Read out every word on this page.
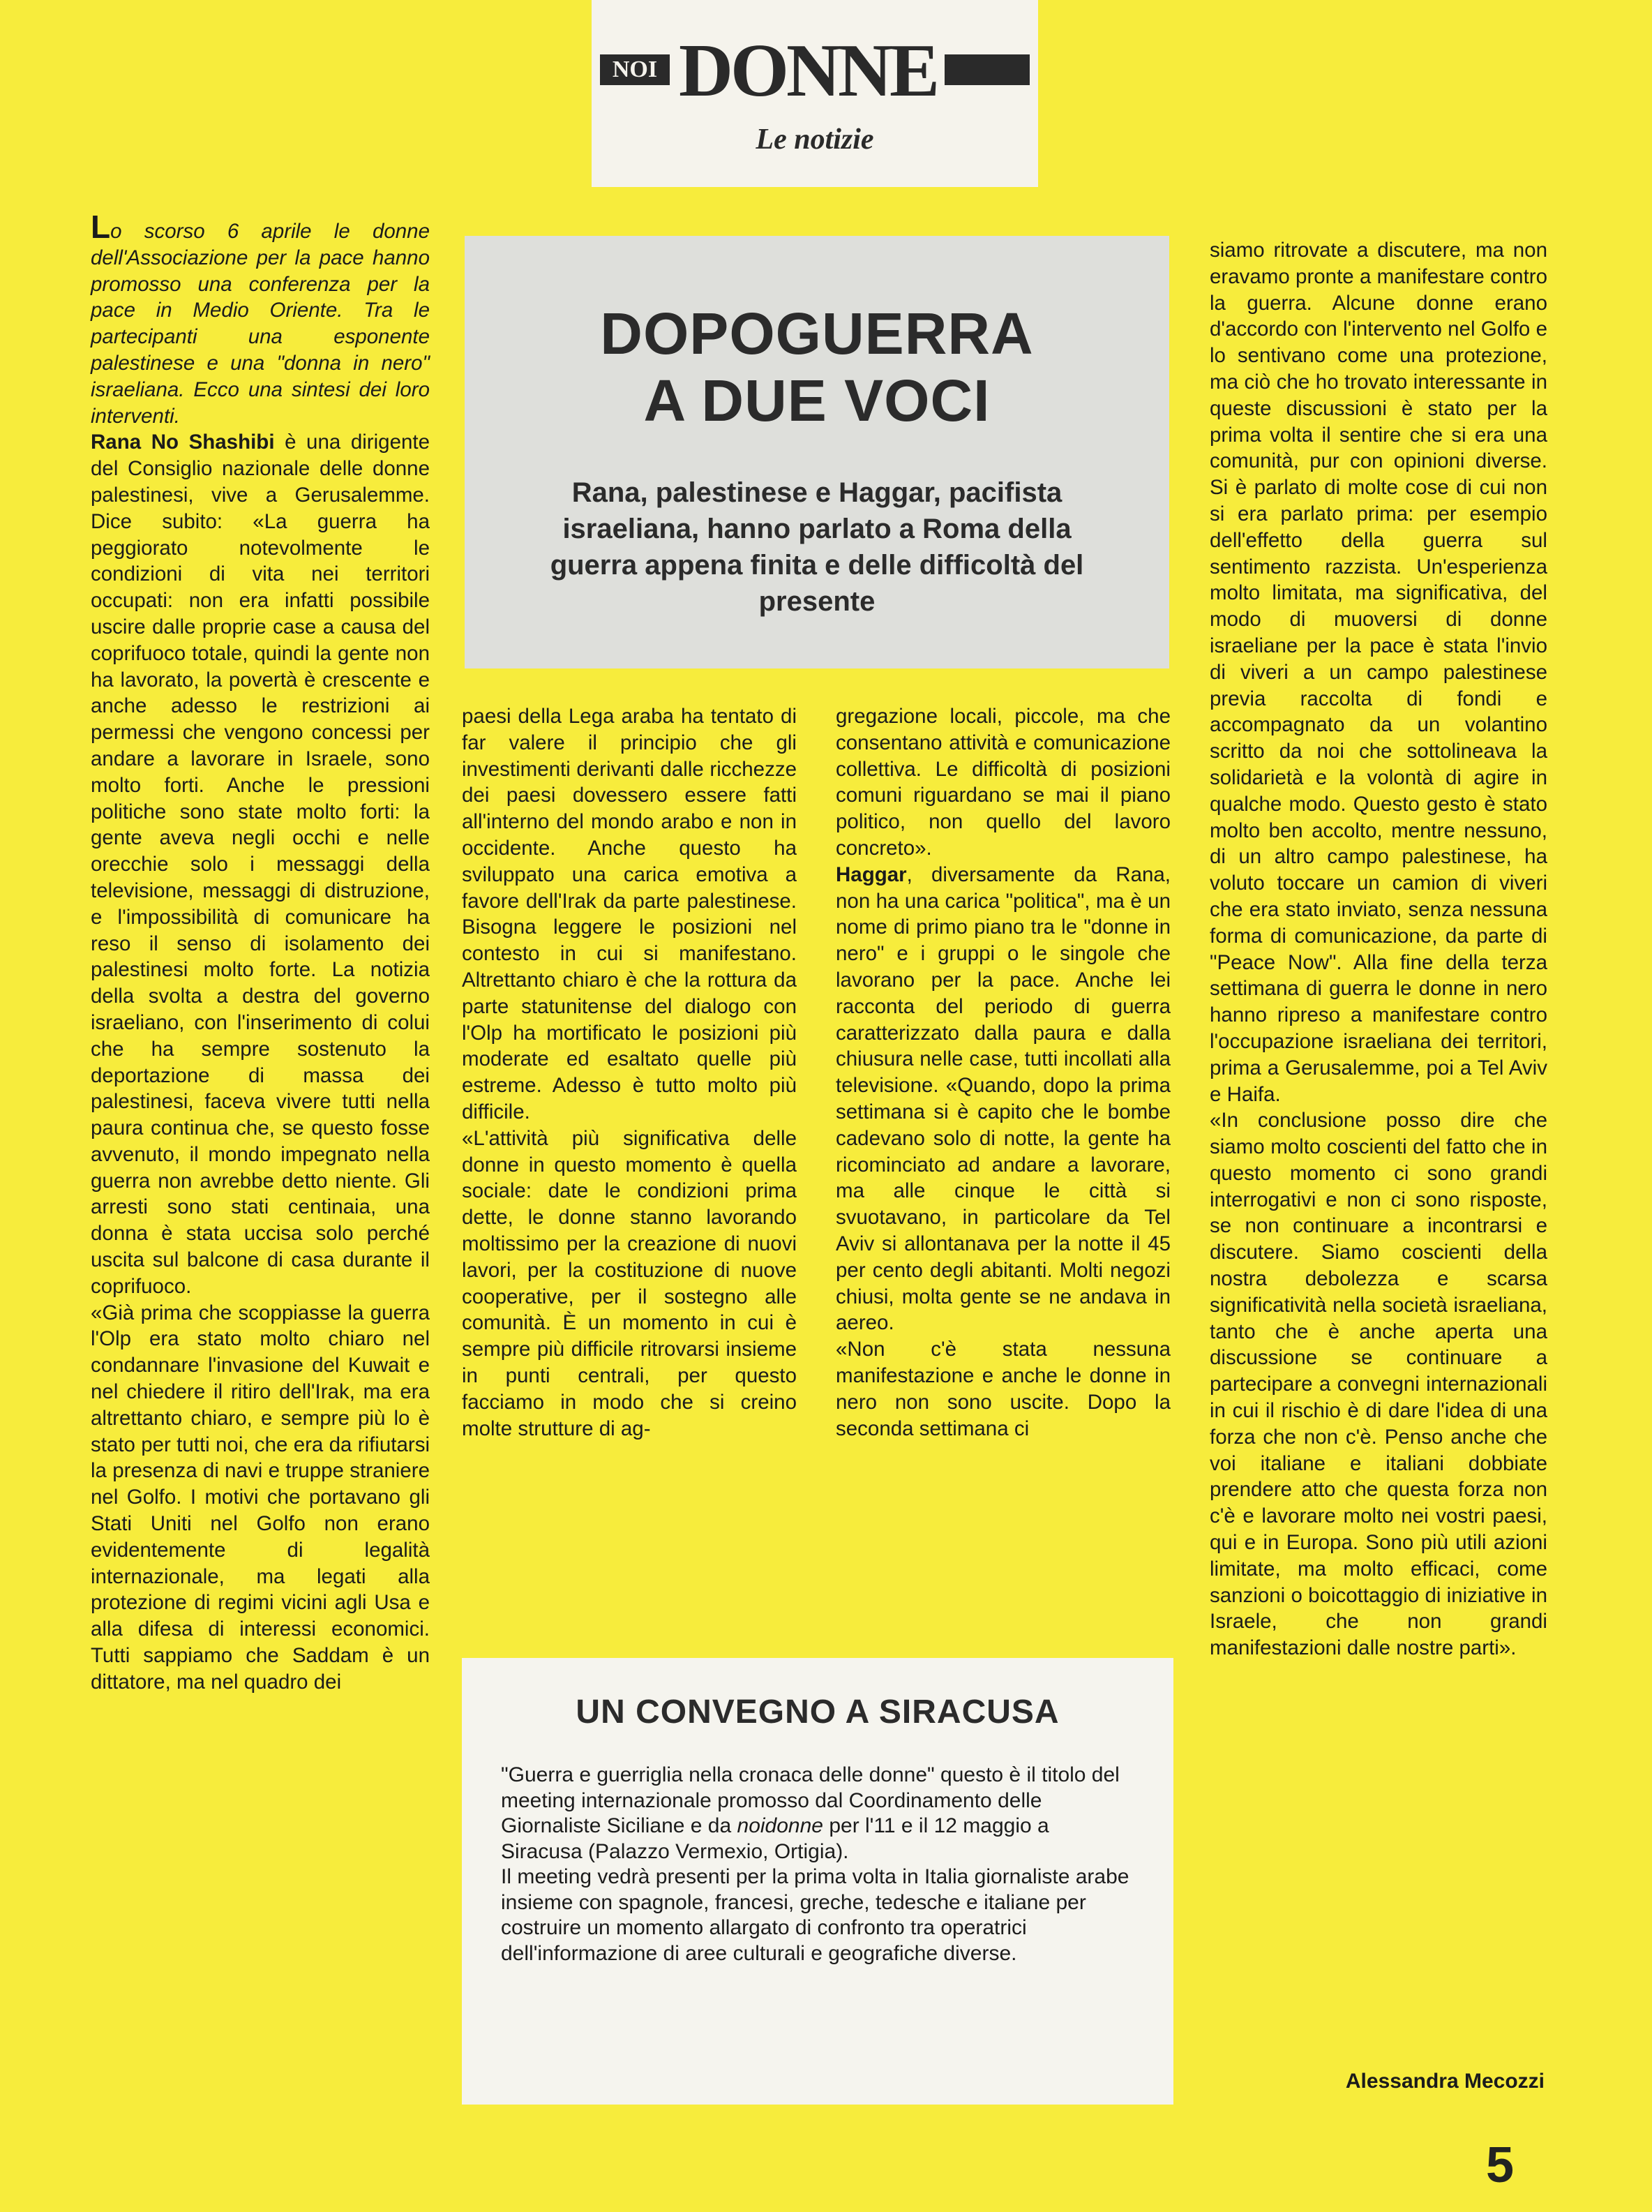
NOI DONNE
Le notizie
DOPOGUERRA
A DUE VOCI
Rana, palestinese e Haggar, pacifista israeliana, hanno parlato a Roma della guerra appena finita e delle difficoltà del presente

Lo scorso 6 aprile le donne dell'Associazione per la pace hanno promosso una conferenza per la pace in Medio Oriente. Tra le partecipanti una esponente palestinese e una "donna in nero" israeliana. Ecco una sintesi dei loro interventi.

Rana No Shashibi è una dirigente del Consiglio nazionale delle donne palestinesi, vive a Gerusalemme. Dice subito: «La guerra ha peggiorato notevolmente le condizioni di vita nei territori occupati: non era infatti possibile uscire dalle proprie case a causa del coprifuoco totale, quindi la gente non ha lavorato, la povertà è crescente e anche adesso le restrizioni ai permessi che vengono concessi per andare a lavorare in Israele, sono molto forti. Anche le pressioni politiche sono state molto forti: la gente aveva negli occhi e nelle orecchie solo i messaggi della televisione, messaggi di distruzione, e l'impossibilità di comunicare ha reso il senso di isolamento dei palestinesi molto forte. La notizia della svolta a destra del governo israeliano, con l'inserimento di colui che ha sempre sostenuto la deportazione di massa dei palestinesi, faceva vivere tutti nella paura continua che, se questo fosse avvenuto, il mondo impegnato nella guerra non avrebbe detto niente. Gli arresti sono stati centinaia, una donna è stata uccisa solo perché uscita sul balcone di casa durante il coprifuoco.

«Già prima che scoppiasse la guerra l'Olp era stato molto chiaro nel condannare l'invasione del Kuwait e nel chiedere il ritiro dell'Irak, ma era altrettanto chiaro, e sempre più lo è stato per tutti noi, che era da rifiutarsi la presenza di navi e truppe straniere nel Golfo. I motivi che portavano gli Stati Uniti nel Golfo non erano evidentemente di legalità internazionale, ma legati alla protezione di regimi vicini agli Usa e alla difesa di interessi economici. Tutti sappiamo che Saddam è un dittatore, ma nel quadro dei

paesi della Lega araba ha tentato di far valere il principio che gli investimenti derivanti dalle ricchezze dei paesi dovessero essere fatti all'interno del mondo arabo e non in occidente. Anche questo ha sviluppato una carica emotiva a favore dell'Irak da parte palestinese. Bisogna leggere le posizioni nel contesto in cui si manifestano. Altrettanto chiaro è che la rottura da parte statunitense del dialogo con l'Olp ha mortificato le posizioni più moderate ed esaltato quelle più estreme. Adesso è tutto molto più difficile.

«L'attività più significativa delle donne in questo momento è quella sociale: date le condizioni prima dette, le donne stanno lavorando moltissimo per la creazione di nuovi lavori, per la costituzione di nuove cooperative, per il sostegno alle comunità. È un momento in cui è sempre più difficile ritrovarsi insieme in punti centrali, per questo facciamo in modo che si creino molte strutture di ag-

gregazione locali, piccole, ma che consentano attività e comunicazione collettiva. Le difficoltà di posizioni comuni riguardano se mai il piano politico, non quello del lavoro concreto».

Haggar, diversamente da Rana, non ha una carica "politica", ma è un nome di primo piano tra le "donne in nero" e i gruppi o le singole che lavorano per la pace. Anche lei racconta del periodo di guerra caratterizzato dalla paura e dalla chiusura nelle case, tutti incollati alla televisione. «Quando, dopo la prima settimana si è capito che le bombe cadevano solo di notte, la gente ha ricominciato ad andare a lavorare, ma alle cinque le città si svuotavano, in particolare da Tel Aviv si allontanava per la notte il 45 per cento degli abitanti. Molti negozi chiusi, molta gente se ne andava in aereo.

«Non c'è stata nessuna manifestazione e anche le donne in nero non sono uscite. Dopo la seconda settimana ci

siamo ritrovate a discutere, ma non eravamo pronte a manifestare contro la guerra. Alcune donne erano d'accordo con l'intervento nel Golfo e lo sentivano come una protezione, ma ciò che ho trovato interessante in queste discussioni è stato per la prima volta il sentire che si era una comunità, pur con opinioni diverse. Si è parlato di molte cose di cui non si era parlato prima: per esempio dell'effetto della guerra sul sentimento razzista. Un'esperienza molto limitata, ma significativa, del modo di muoversi di donne israeliane per la pace è stata l'invio di viveri a un campo palestinese previa raccolta di fondi e accompagnato da un volantino scritto da noi che sottolineava la solidarietà e la volontà di agire in qualche modo. Questo gesto è stato molto ben accolto, mentre nessuno, di un altro campo palestinese, ha voluto toccare un camion di viveri che era stato inviato, senza nessuna forma di comunicazione, da parte di "Peace Now". Alla fine della terza settimana di guerra le donne in nero hanno ripreso a manifestare contro l'occupazione israeliana dei territori, prima a Gerusalemme, poi a Tel Aviv e Haifa.

«In conclusione posso dire che siamo molto coscienti del fatto che in questo momento ci sono grandi interrogativi e non ci sono risposte, se non continuare a incontrarsi e discutere. Siamo coscienti della nostra debolezza e scarsa significatività nella società israeliana, tanto che è anche aperta una discussione se continuare a partecipare a convegni internazionali in cui il rischio è di dare l'idea di una forza che non c'è. Penso anche che voi italiane e italiani dobbiate prendere atto che questa forza non c'è e lavorare molto nei vostri paesi, qui e in Europa. Sono più utili azioni limitate, ma molto efficaci, come sanzioni o boicottaggio di iniziative in Israele, che non grandi manifestazioni dalle nostre parti».

UN CONVEGNO A SIRACUSA

"Guerra e guerriglia nella cronaca delle donne" questo è il titolo del meeting internazionale promosso dal Coordinamento delle Giornaliste Siciliane e da noidonne per l'11 e il 12 maggio a Siracusa (Palazzo Vermexio, Ortigia).

Il meeting vedrà presenti per la prima volta in Italia giornaliste arabe insieme con spagnole, francesi, greche, tedesche e italiane per costruire un momento allargato di confronto tra operatrici dell'informazione di aree culturali e geografiche diverse.

Alessandra Mecozzi
5
